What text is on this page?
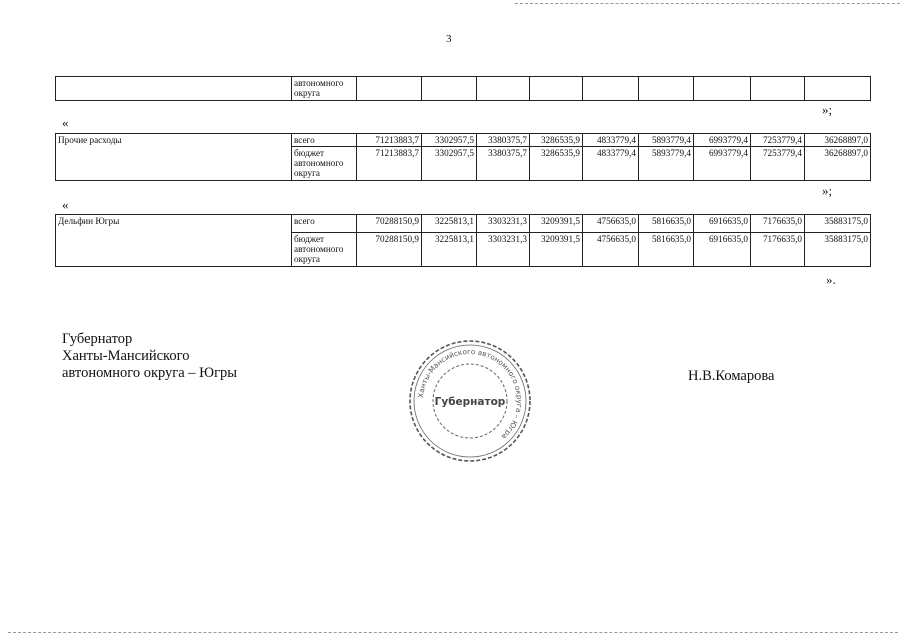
3
	автономного округа									
»;
«
Прочие расходы	всего	71213883,7	3302957,5	3380375,7	3286535,9	4833779,4	5893779,4	6993779,4	7253779,4	36268897,0
	бюджет автономного округа	71213883,7	3302957,5	3380375,7	3286535,9	4833779,4	5893779,4	6993779,4	7253779,4	36268897,0
»;
«
Дельфин Югры	всего	70288150,9	3225813,1	3303231,3	3209391,5	4756635,0	5816635,0	6916635,0	7176635,0	35883175,0
	бюджет автономного округа	70288150,9	3225813,1	3303231,3	3209391,5	4756635,0	5816635,0	6916635,0	7176635,0	35883175,0
».
Губернатор
Ханты-Мансийского
автономного округа – Югры
Ханты-Мансийского автономного округа – Югра
Губернатор
Н.В.Комарова
